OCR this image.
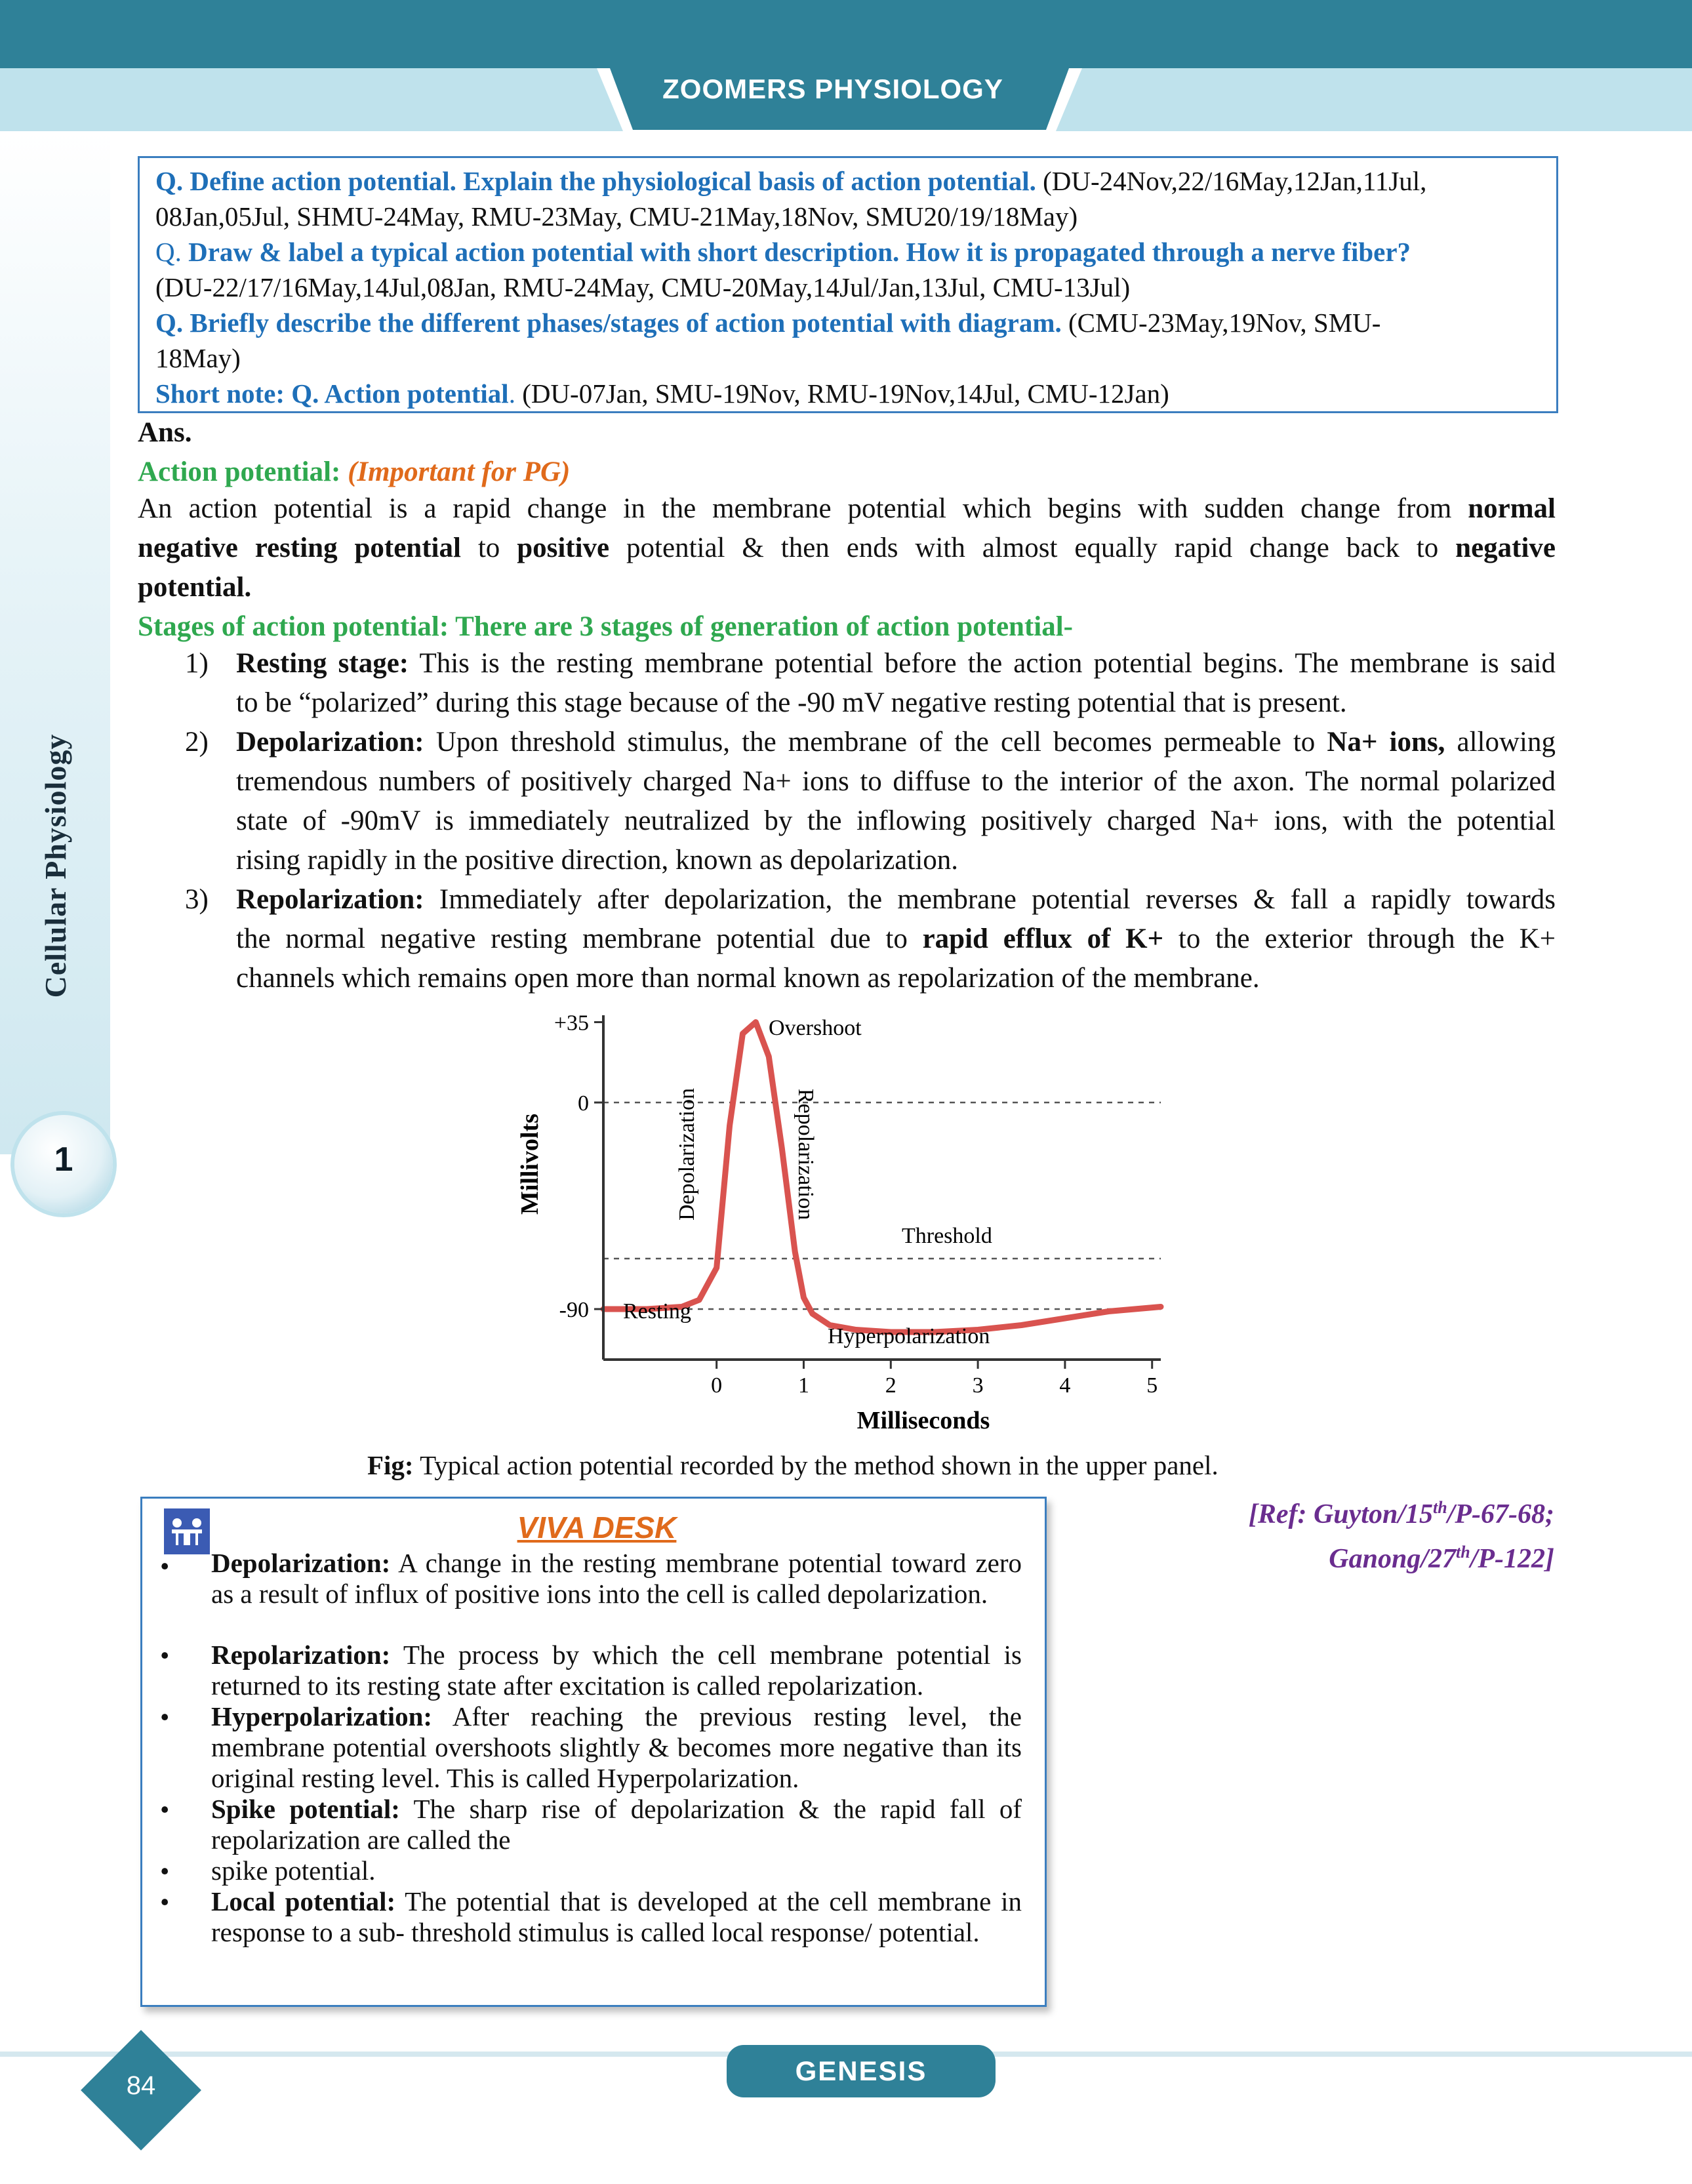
ZOOMERS PHYSIOLOGY
Cellular Physiology
1
Q. Define action potential. Explain the physiological basis of action potential. (DU-24Nov,22/16May,12Jan,11Jul,
08Jan,05Jul, SHMU-24May, RMU-23May, CMU-21May,18Nov, SMU20/19/18May)
Q. Draw & label a typical action potential with short description. How it is propagated through a nerve fiber?
(DU-22/17/16May,14Jul,08Jan, RMU-24May, CMU-20May,14Jul/Jan,13Jul, CMU-13Jul)
Q. Briefly describe the different phases/stages of action potential with diagram. (CMU-23May,19Nov, SMU-
18May)
Short note: Q. Action potential. (DU-07Jan, SMU-19Nov, RMU-19Nov,14Jul, CMU-12Jan)
Ans.
Action potential: (Important for PG)
An action potential is a rapid change in the membrane potential which begins with sudden change from normal
negative resting potential to positive potential & then ends with almost equally rapid change back to negative
potential.
Stages of action potential: There are 3 stages of generation of action potential-
1) Resting stage: This is the resting membrane potential before the action potential begins. The membrane is said
to be “polarized” during this stage because of the -90 mV negative resting potential that is present.
2) Depolarization: Upon threshold stimulus, the membrane of the cell becomes permeable to Na+ ions, allowing
tremendous numbers of positively charged Na+ ions to diffuse to the interior of the axon. The normal polarized
state of -90mV is immediately neutralized by the inflowing positively charged Na+ ions, with the potential
rising rapidly in the positive direction, known as depolarization.
3) Repolarization: Immediately after depolarization, the membrane potential reverses & fall a rapidly towards
the normal negative resting membrane potential due to rapid efflux of K+ to the exterior through the K+
channels which remains open more than normal known as repolarization of the membrane.
0	1	2	3	4	5
+35
0
-90
Millivolts
Milliseconds
Overshoot
Depolarization	Repolarization
Threshold
Resting
Hyperpolarization
Fig: Typical action potential recorded by the method shown in the upper panel.
[Ref: Guyton/15th/P-67-68;
Ganong/27th/P-122]
VIVA DESK
• Depolarization: A change in the resting membrane potential toward zero as a result of influx of positive ions into the cell is called depolarization.
• Repolarization: The process by which the cell membrane potential is returned to its resting state after excitation is called repolarization.
• Hyperpolarization: After reaching the previous resting level, the membrane potential overshoots slightly & becomes more negative than its original resting level. This is called Hyperpolarization.
• Spike potential: The sharp rise of depolarization & the rapid fall of repolarization are called the
• spike potential.
• Local potential: The potential that is developed at the cell membrane in response to a sub- threshold stimulus is called local response/ potential.
GENESIS
84
